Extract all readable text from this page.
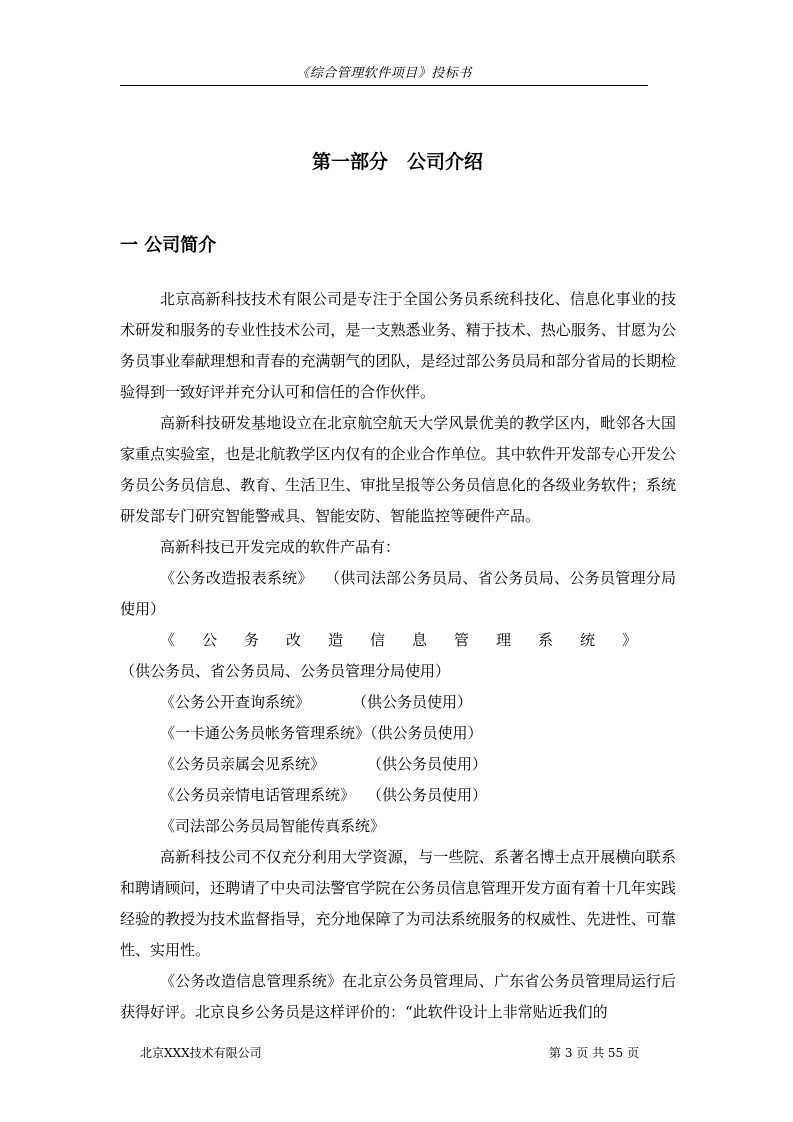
《综合管理软件项目》投标书
第一部分　公司介绍
一 公司简介

北京高新科技技术有限公司是专注于全国公务员系统科技化、信息化事业的技术研发和服务的专业性技术公司，是一支熟悉业务、精于技术、热心服务、甘愿为公务员事业奉献理想和青春的充满朝气的团队，是经过部公务员局和部分省局的长期检验得到一致好评并充分认可和信任的合作伙伴。

高新科技研发基地设立在北京航空航天大学风景优美的教学区内，毗邻各大国家重点实验室，也是北航教学区内仅有的企业合作单位。其中软件开发部专心开发公务员公务员信息、教育、生活卫生、审批呈报等公务员信息化的各级业务软件；系统研发部专门研究智能警戒具、智能安防、智能监控等硬件产品。

高新科技已开发完成的软件产品有：

《公务改造报表系统》 （供司法部公务员局、省公务员局、公务员管理分局使用）

《公务改造信息管理系统》（供公务员、省公务员局、公务员管理分局使用）

《公务公开查询系统》	（供公务员使用）

《一卡通公务员帐务管理系统》（供公务员使用）

《公务员亲属会见系统》	（供公务员使用）

《公务员亲情电话管理系统》 （供公务员使用）

《司法部公务员局智能传真系统》

高新科技公司不仅充分利用大学资源，与一些院、系著名博士点开展横向联系和聘请顾问，还聘请了中央司法警官学院在公务员信息管理开发方面有着十几年实践经验的教授为技术监督指导，充分地保障了为司法系统服务的权威性、先进性、可靠性、实用性。

《公务改造信息管理系统》在北京公务员管理局、广东省公务员管理局运行后获得好评。北京良乡公务员是这样评价的：“此软件设计上非常贴近我们的

北京XXX技术有限公司	第 3 页 共 55 页
